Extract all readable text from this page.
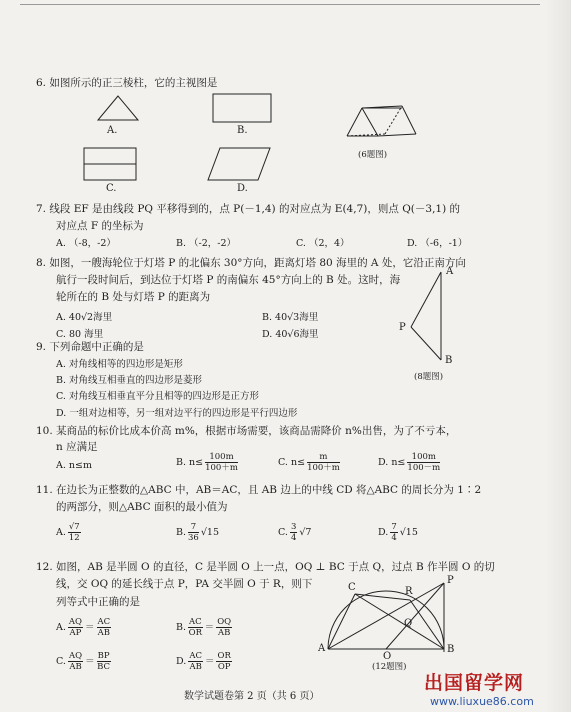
6. 如图所示的正三棱柱，它的主视图是
A.	B.
C.	D.
(6题图)
7. 线段 EF 是由线段 PQ 平移得到的，点 P(－1,4) 的对应点为 E(4,7)，则点 Q(－3,1) 的
对应点 F 的坐标为
A. （-8，-2）	B. （-2，-2）	C. （2，4）	D. （-6，-1）
8. 如图，一艘海轮位于灯塔 P 的北偏东 30°方向，距离灯塔 80 海里的 A 处，它沿正南方向
航行一段时间后，到达位于灯塔 P 的南偏东 45°方向上的 B 处。这时，海
轮所在的 B 处与灯塔 P 的距离为
A. 40√2海里	B. 40√3海里
C. 80 海里	D. 40√6海里
A
P
B
(8题图)
9. 下列命题中正确的是
A. 对角线相等的四边形是矩形
B. 对角线互相垂直的四边形是菱形
C. 对角线互相垂直平分且相等的四边形是正方形
D. 一组对边相等，另一组对边平行的四边形是平行四边形
10. 某商品的标价比成本价高 m%，根据市场需要，该商品需降价 n%出售，为了不亏本，
n 应满足
A. n≤m	B. $n\le \frac{100m}{100+m}$	C. $n\le \frac{m}{100+m}$	D. $n\le \frac{100m}{100-m}$
11. 在边长为正整数的△ABC 中，AB＝AC，且 AB 边上的中线 CD 将△ABC 的周长分为 1∶2
的两部分，则△ABC 面积的最小值为
A. $\frac{√7}{12}$	B. $\frac{7}{36} √15$	C. $\frac{3}{4} √7$	D. $\frac{7}{4} √15$
12. 如图，AB 是半圆 O 的直径，C 是半圆 O 上一点，OQ ⊥ BC 于点 Q，过点 B 作半圆 O 的切
线，交 OQ 的延长线于点 P，PA 交半圆 O 于 R，则下
列等式中正确的是
A. $\frac{AQ}{AP} = \frac{AC}{AB}$	B. $\frac{AC}{OR} = \frac{OQ}{AB}$
C. $\frac{AQ}{AB} = \frac{BP}{BC}$	D. $\frac{AC}{AB} = \frac{OR}{OP}$
C	R
P
Q
A
O
B
(12题图)
数学试题卷第 2 页（共 6 页）
出国留学网
www.liuxue86.com
